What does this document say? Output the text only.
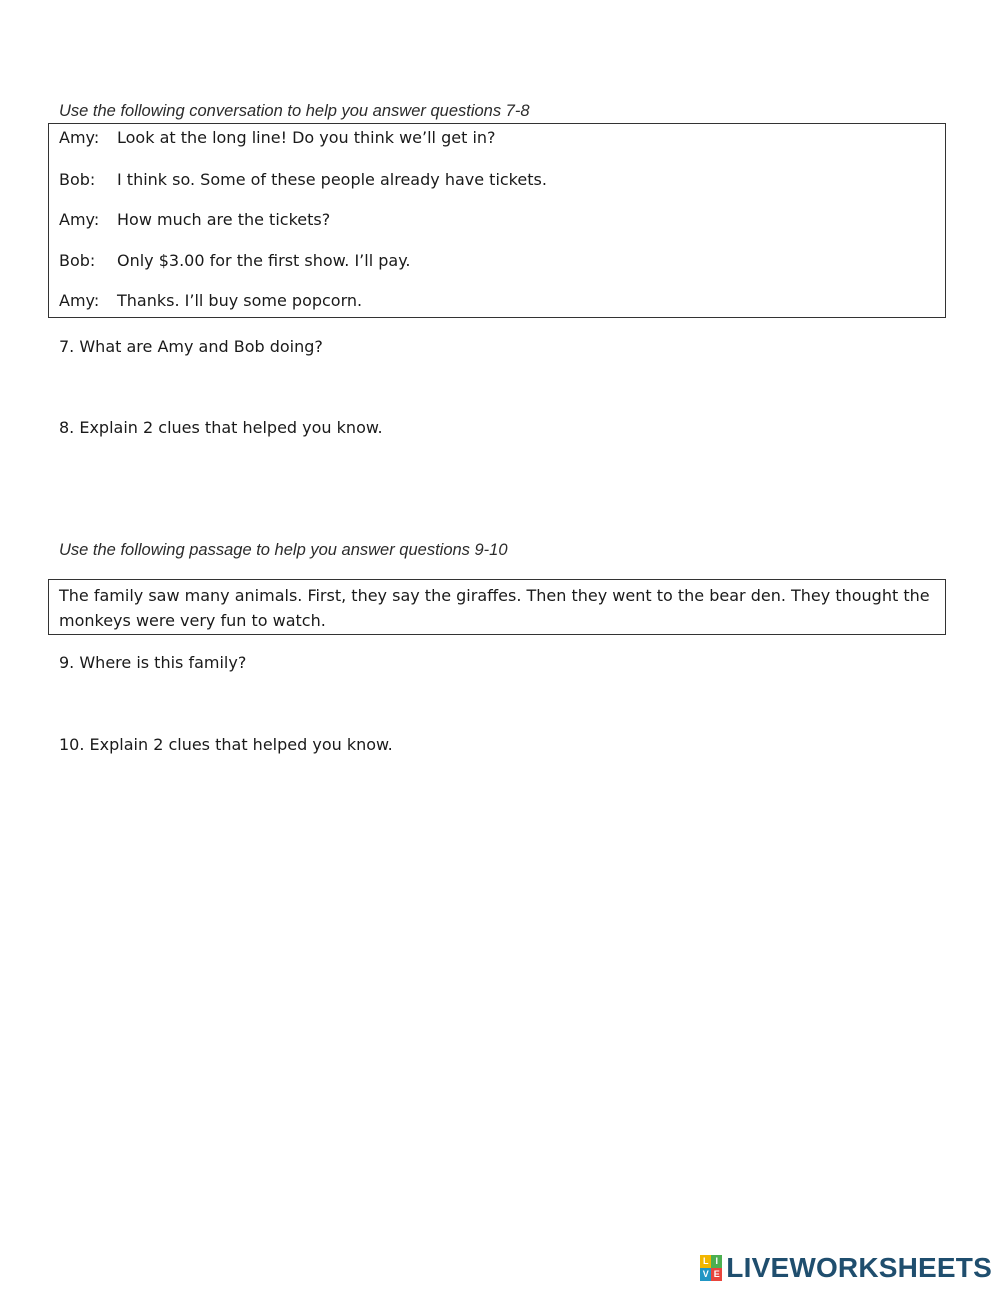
Use the following conversation to help you answer questions 7-8

Amy: Look at the long line! Do you think we’ll get in?
Bob: I think so. Some of these people already have tickets.
Amy: How much are the tickets?
Bob: Only $3.00 for the first show. I’ll pay.
Amy: Thanks. I’ll buy some popcorn.

7. What are Amy and Bob doing?

8. Explain 2 clues that helped you know.

Use the following passage to help you answer questions 9-10

The family saw many animals. First, they say the giraffes. Then they went to the bear den. They thought the monkeys were very fun to watch.

9. Where is this family?

10. Explain 2 clues that helped you know.

L I
V E LIVEWORKSHEETS
